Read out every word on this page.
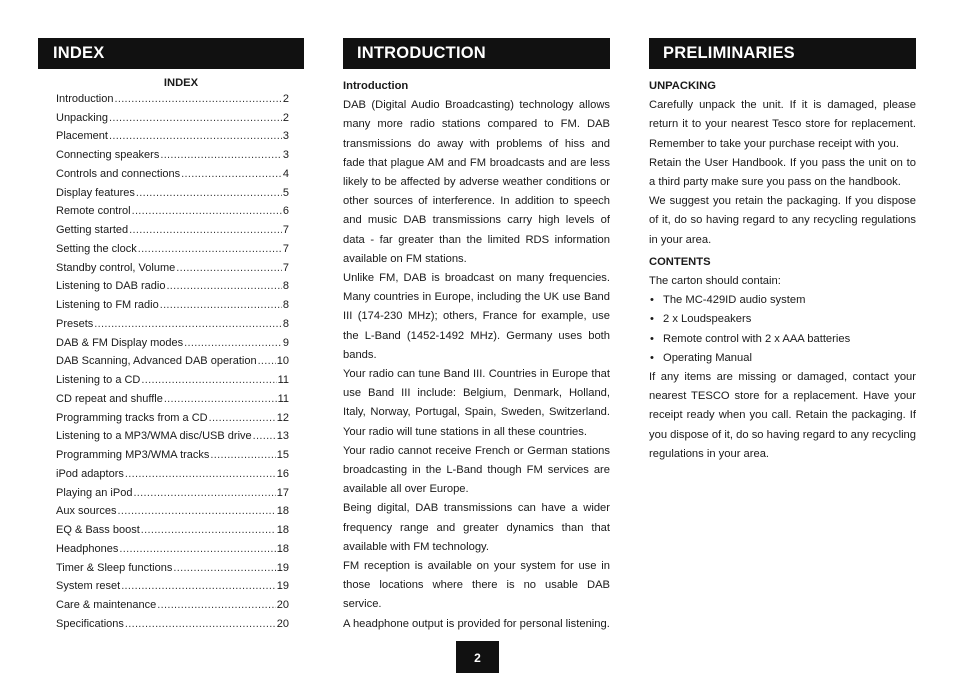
INDEX
INDEX
Introduction .....	2
Unpacking .....	2
Placement .....	3
Connecting speakers .....	3
Controls and connections .....	4
Display features .....	5
Remote control .....	6
Getting started .....	7
Setting the clock .....	7
Standby control, Volume .....	7
Listening to DAB radio .....	8
Listening to FM radio .....	8
Presets .....	8
DAB & FM Display modes .....	9
DAB Scanning, Advanced DAB operation ..... 10
Listening to a CD .....	11
CD repeat and shuffle .....	11
Programming tracks from a CD .....	12
Listening to a MP3/WMA disc/USB drive ..... 13
Programming MP3/WMA tracks .....	15
iPod adaptors .....	16
Playing an iPod .....	17
Aux sources .....	18
EQ & Bass boost .....	18
Headphones .....	18
Timer & Sleep functions .....	19
System reset .....	19
Care & maintenance .....	20
Specifications .....	20
INTRODUCTION

Introduction

DAB (Digital Audio Broadcasting) technology allows many more radio stations compared to FM. DAB transmissions do away with problems of hiss and fade that plague AM and FM broadcasts and are less likely to be affected by adverse weather conditions or other sources of interference. In addition to speech and music DAB transmissions carry high levels of data - far greater than the limited RDS information available on FM stations.

Unlike FM, DAB is broadcast on many frequencies. Many countries in Europe, including the UK use Band III (174-230 MHz); others, France for example, use the L-Band (1452-1492 MHz). Germany uses both bands.

Your radio can tune Band III. Countries in Europe that use Band III include: Belgium, Denmark, Holland, Italy, Norway, Portugal, Spain, Sweden, Switzerland. Your radio will tune stations in all these countries.

Your radio cannot receive French or German stations broadcasting in the L-Band though FM services are available all over Europe.

Being digital, DAB transmissions can have a wider frequency range and greater dynamics than that available with FM technology.

FM reception is available on your system for use in those locations where there is no usable DAB service.

A headphone output is provided for personal listening.

PRELIMINARIES

UNPACKING

Carefully unpack the unit. If it is damaged, please return it to your nearest Tesco store for replacement. Remember to take your purchase receipt with you.

Retain the User Handbook. If you pass the unit on to a third party make sure you pass on the handbook.

We suggest you retain the packaging. If you dispose of it, do so having regard to any recycling regulations in your area.

CONTENTS

The carton should contain:

• The MC-429ID audio system
• 2 x Loudspeakers
• Remote control with 2 x AAA batteries
• Operating Manual

If any items are missing or damaged, contact your nearest TESCO store for a replacement. Have your receipt ready when you call. Retain the packaging. If you dispose of it, do so having regard to any recycling regulations in your area.

2
